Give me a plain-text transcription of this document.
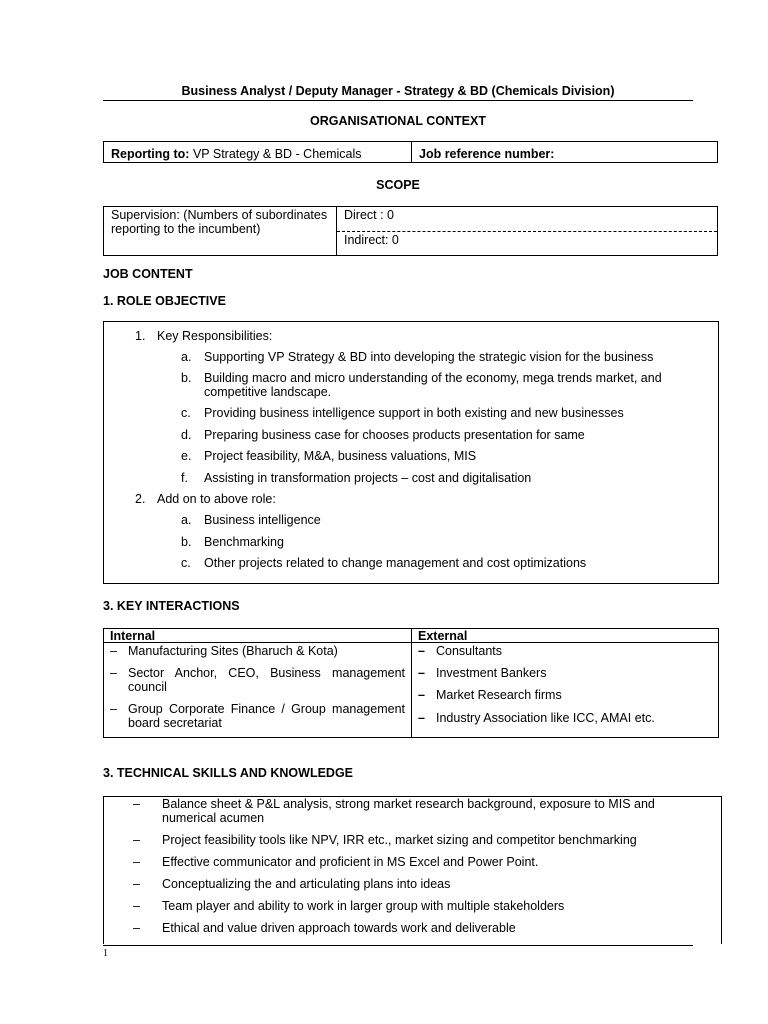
Business Analyst / Deputy Manager - Strategy & BD (Chemicals Division)
ORGANISATIONAL CONTEXT
Reporting to: VP Strategy & BD - Chemicals	Job reference number:
SCOPE
Supervision: (Numbers of subordinates reporting to the incumbent)
Direct : 0
Indirect: 0
JOB CONTENT
1. ROLE OBJECTIVE
1. Key Responsibilities:
a. Supporting VP Strategy & BD into developing the strategic vision for the business
b. Building macro and micro understanding of the economy, mega trends market, and competitive landscape.
c. Providing business intelligence support in both existing and new businesses
d. Preparing business case for chooses products presentation for same
e. Project feasibility, M&A, business valuations, MIS
f. Assisting in transformation projects – cost and digitalisation
2. Add on to above role:
a. Business intelligence
b. Benchmarking
c. Other projects related to change management and cost optimizations
3. KEY INTERACTIONS
Internal	External
– Manufacturing Sites (Bharuch & Kota)
– Sector Anchor, CEO, Business management council
– Group Corporate Finance / Group management board secretariat
– Consultants
– Investment Bankers
– Market Research firms
– Industry Association like ICC, AMAI etc.
3. TECHNICAL SKILLS AND KNOWLEDGE
– Balance sheet & P&L analysis, strong market research background, exposure to MIS and numerical acumen
– Project feasibility tools like NPV, IRR etc., market sizing and competitor benchmarking
– Effective communicator and proficient in MS Excel and Power Point.
– Conceptualizing the and articulating plans into ideas
– Team player and ability to work in larger group with multiple stakeholders
– Ethical and value driven approach towards work and deliverable
1
